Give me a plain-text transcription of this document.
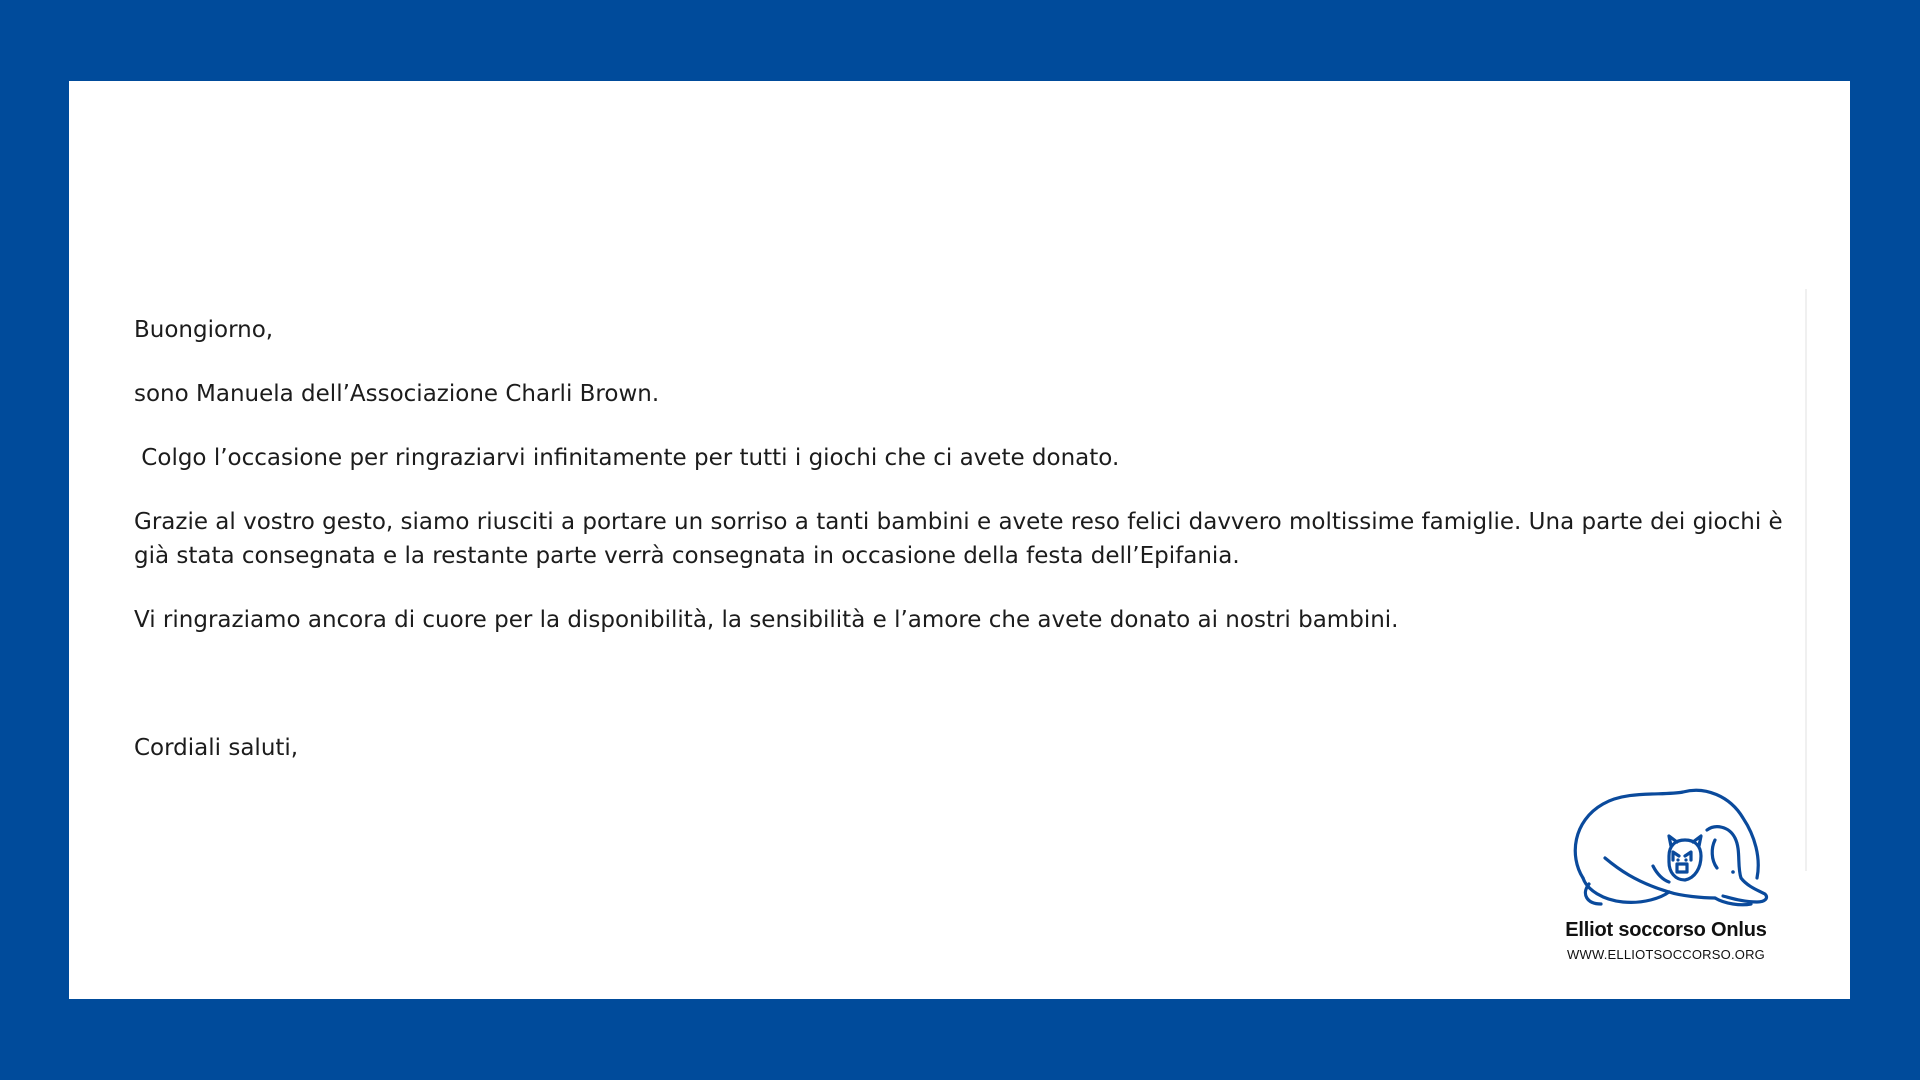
Buongiorno,

sono Manuela dell’Associazione Charli Brown.

Colgo l’occasione per ringraziarvi infinitamente per tutti i giochi che ci avete donato.

Grazie al vostro gesto, siamo riusciti a portare un sorriso a tanti bambini e avete reso felici davvero moltissime famiglie. Una parte dei giochi è già stata consegnata e la restante parte verrà consegnata in occasione della festa dell’Epifania.

Vi ringraziamo ancora di cuore per la disponibilità, la sensibilità e l’amore che avete donato ai nostri bambini.

Cordiali saluti,

Elliot soccorso Onlus
WWW.ELLIOTSOCCORSO.ORG
